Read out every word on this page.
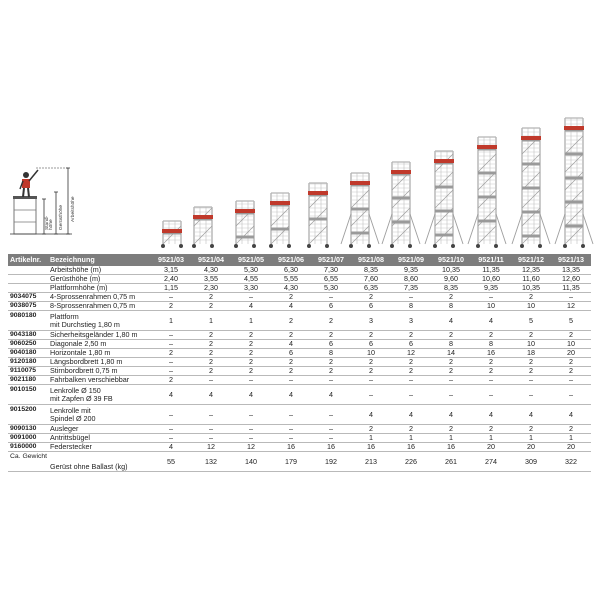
Stand- höhe Gerüsthöhe Arbeitshöhe
Artikelnr.	Bezeichnung	9521/03	9521/04	9521/05	9521/06	9521/07	9521/08	9521/09	9521/10	9521/11	9521/12	9521/13
	Arbeitshöhe (m)	3,15	4,30	5,30	6,30	7,30	8,35	9,35	10,35	11,35	12,35	13,35
	Gerüsthöhe (m)	2,40	3,55	4,55	5,55	6,55	7,60	8,60	9,60	10,60	11,60	12,60
	Plattformhöhe (m)	1,15	2,30	3,30	4,30	5,30	6,35	7,35	8,35	9,35	10,35	11,35
9034075	4-Sprossenrahmen 0,75 m	–	2	–	2	–	2	–	2	–	2	–
9038075	8-Sprossenrahmen 0,75 m	2	2	4	4	6	6	8	8	10	10	12
9080180	Plattform
mit Durchstieg 1,80 m	1	1	1	2	2	3	3	4	4	5	5
9043180	Sicherheitsgeländer 1,80 m	–	2	2	2	2	2	2	2	2	2	2
9060250	Diagonale 2,50 m	–	2	2	4	6	6	6	8	8	10	10
9040180	Horizontale 1,80 m	2	2	2	6	8	10	12	14	16	18	20
9120180	Längsbordbrett 1,80 m	–	2	2	2	2	2	2	2	2	2	2
9110075	Stirnbordbrett 0,75 m	–	2	2	2	2	2	2	2	2	2	2
9021180	Fahrbalken verschiebbar	2	–	–	–	–	–	–	–	–	–	–
9010150	Lenkrolle Ø 150
mit Zapfen Ø 39 FB	4	4	4	4	4	–	–	–	–	–	–
9015200	Lenkrolle mit
Spindel Ø 200	–	–	–	–	–	4	4	4	4	4	4
9090130	Ausleger	–	–	–	–	–	2	2	2	2	2	2
9091000	Antrittsbügel	–	–	–	–	–	1	1	1	1	1	1
9160000	Federstecker	4	12	12	16	16	16	16	16	20	20	20
Ca. Gewicht	Gerüst ohne Ballast (kg)	55	132	140	179	192	213	226	261	274	309	322
